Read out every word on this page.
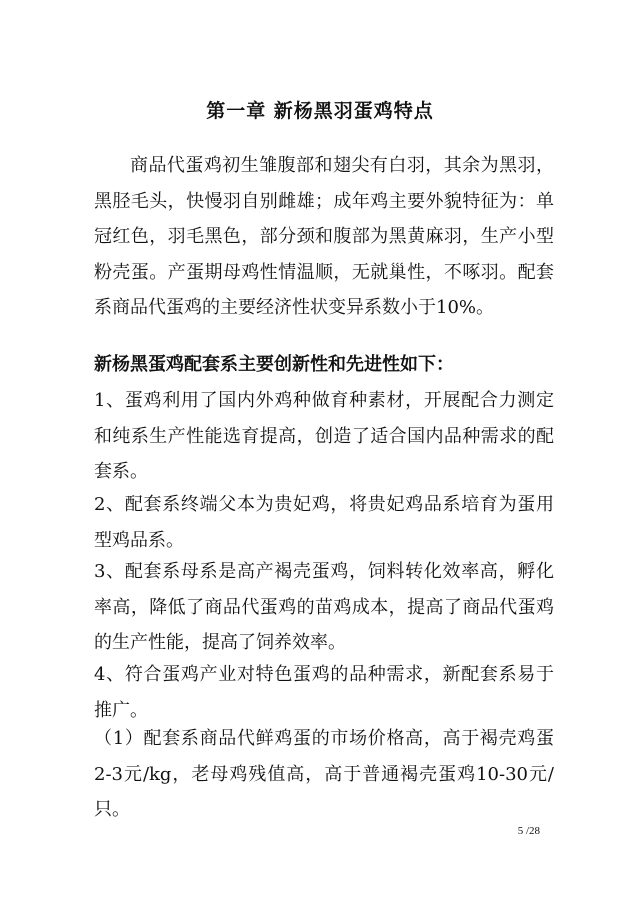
第一章 新杨黑羽蛋鸡特点

商品代蛋鸡初生雏腹部和翅尖有白羽，其余为黑羽，黑胫毛头，快慢羽自别雌雄；成年鸡主要外貌特征为：单冠红色，羽毛黑色，部分颈和腹部为黑黄麻羽，生产小型粉壳蛋。产蛋期母鸡性情温顺，无就巢性，不啄羽。配套系商品代蛋鸡的主要经济性状变异系数小于10%。

新杨黑蛋鸡配套系主要创新性和先进性如下：

1、蛋鸡利用了国内外鸡种做育种素材，开展配合力测定和纯系生产性能选育提高，创造了适合国内品种需求的配套系。

2、配套系终端父本为贵妃鸡，将贵妃鸡品系培育为蛋用型鸡品系。

3、配套系母系是高产褐壳蛋鸡，饲料转化效率高，孵化率高，降低了商品代蛋鸡的苗鸡成本，提高了商品代蛋鸡的生产性能，提高了饲养效率。

4、符合蛋鸡产业对特色蛋鸡的品种需求，新配套系易于推广。

（1）配套系商品代鲜鸡蛋的市场价格高，高于褐壳鸡蛋2-3元/kg，老母鸡残值高，高于普通褐壳蛋鸡10-30元/只。

5 /28
